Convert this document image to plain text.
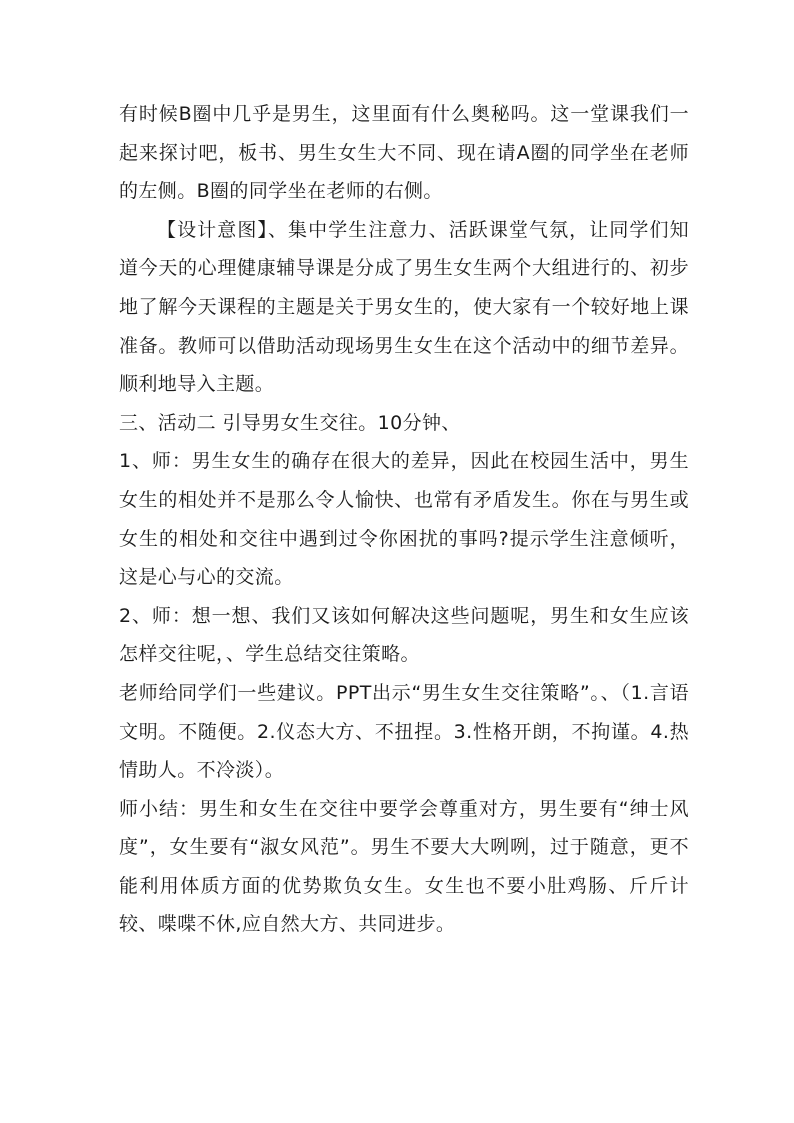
有时候B圈中几乎是男生，这里面有什么奥秘吗。这一堂课我们一起来探讨吧，板书、男生女生大不同、现在请A圈的同学坐在老师的左侧。B圈的同学坐在老师的右侧。

【设计意图】、集中学生注意力、活跃课堂气氛，让同学们知道今天的心理健康辅导课是分成了男生女生两个大组进行的、初步地了解今天课程的主题是关于男女生的，使大家有一个较好地上课准备。教师可以借助活动现场男生女生在这个活动中的细节差异。顺利地导入主题。

三、活动二 引导男女生交往。10分钟、

1、师：男生女生的确存在很大的差异，因此在校园生活中，男生女生的相处并不是那么令人愉快、也常有矛盾发生。你在与男生或女生的相处和交往中遇到过令你困扰的事吗?提示学生注意倾听，这是心与心的交流。

2、师：想一想、我们又该如何解决这些问题呢，男生和女生应该怎样交往呢，、学生总结交往策略。

老师给同学们一些建议。PPT出示“男生女生交往策略”。、（1.言语文明。不随便。2.仪态大方、不扭捏。3.性格开朗，不拘谨。4.热情助人。不冷淡）。

师小结：男生和女生在交往中要学会尊重对方，男生要有“绅士风度”，女生要有“淑女风范”。男生不要大大咧咧，过于随意，更不能利用体质方面的优势欺负女生。女生也不要小肚鸡肠、斤斤计较、喋喋不休,应自然大方、共同进步。
